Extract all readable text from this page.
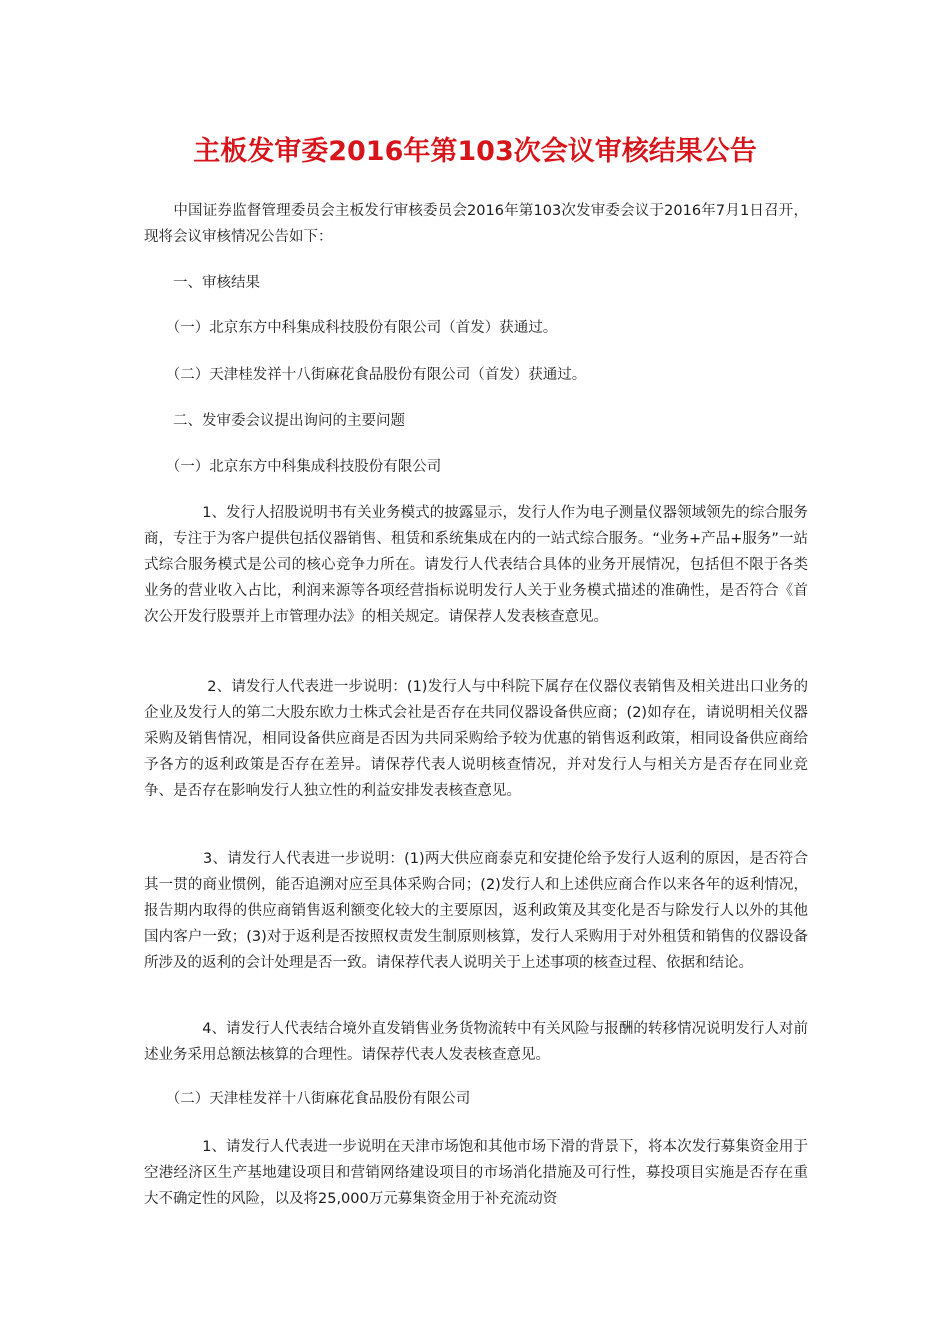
主板发审委2016年第103次会议审核结果公告

　　中国证券监督管理委员会主板发行审核委员会2016年第103次发审委会议于2016年7月1日召开，现将会议审核情况公告如下：

　　一、审核结果

　　（一）北京东方中科集成科技股份有限公司（首发）获通过。

　　（二）天津桂发祥十八街麻花食品股份有限公司（首发）获通过。

　　二、发审委会议提出询问的主要问题

　　（一）北京东方中科集成科技股份有限公司

　　　　1、发行人招股说明书有关业务模式的披露显示，发行人作为电子测量仪器领域领先的综合服务商，专注于为客户提供包括仪器销售、租赁和系统集成在内的一站式综合服务。“业务+产品+服务”一站式综合服务模式是公司的核心竞争力所在。请发行人代表结合具体的业务开展情况，包括但不限于各类业务的营业收入占比，利润来源等各项经营指标说明发行人关于业务模式描述的准确性，是否符合《首次公开发行股票并上市管理办法》的相关规定。请保荐人发表核查意见。

　　　　 2、请发行人代表进一步说明：(1)发行人与中科院下属存在仪器仪表销售及相关进出口业务的企业及发行人的第二大股东欧力士株式会社是否存在共同仪器设备供应商；(2)如存在，请说明相关仪器采购及销售情况，相同设备供应商是否因为共同采购给予较为优惠的销售返利政策，相同设备供应商给予各方的返利政策是否存在差异。请保荐代表人说明核查情况，并对发行人与相关方是否存在同业竞争、是否存在影响发行人独立性的利益安排发表核查意见。

　　　　3、请发行人代表进一步说明：(1)两大供应商泰克和安捷伦给予发行人返利的原因，是否符合其一贯的商业惯例，能否追溯对应至具体采购合同；(2)发行人和上述供应商合作以来各年的返利情况，报告期内取得的供应商销售返利额变化较大的主要原因，返利政策及其变化是否与除发行人以外的其他国内客户一致；(3)对于返利是否按照权责发生制原则核算，发行人采购用于对外租赁和销售的仪器设备所涉及的返利的会计处理是否一致。请保荐代表人说明关于上述事项的核查过程、依据和结论。

　　　　4、请发行人代表结合境外直发销售业务货物流转中有关风险与报酬的转移情况说明发行人对前述业务采用总额法核算的合理性。请保荐代表人发表核查意见。

　　（二）天津桂发祥十八街麻花食品股份有限公司

　　　　1、请发行人代表进一步说明在天津市场饱和其他市场下滑的背景下，将本次发行募集资金用于空港经济区生产基地建设项目和营销网络建设项目的市场消化措施及可行性，募投项目实施是否存在重大不确定性的风险，以及将25,000万元募集资金用于补充流动资
